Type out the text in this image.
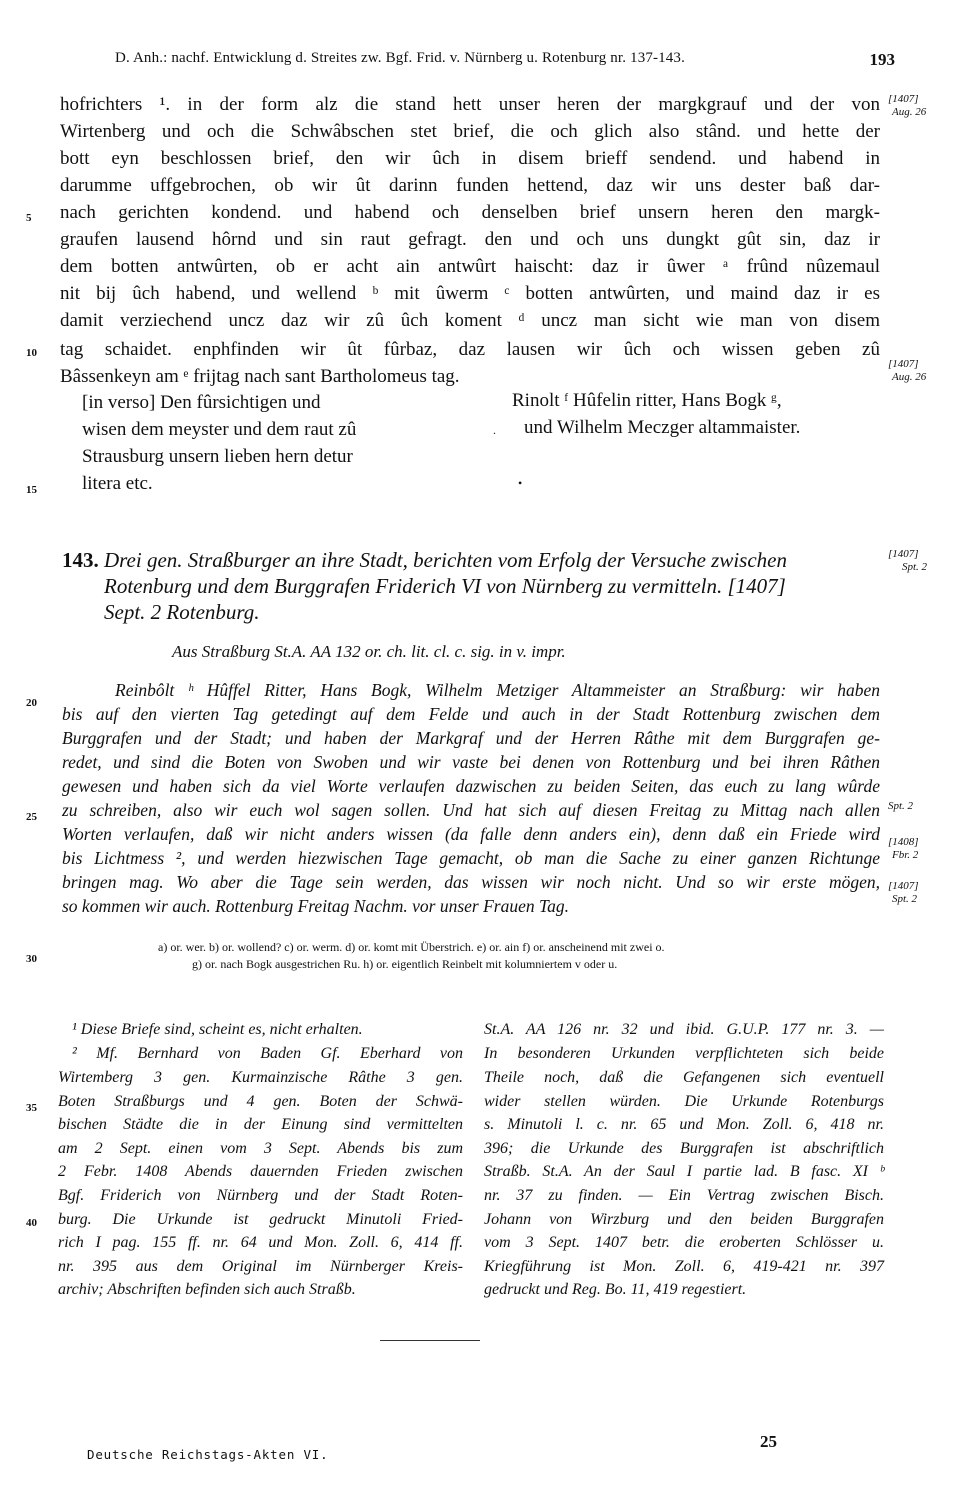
D. Anh.: nachf. Entwicklung d. Streites zw. Bgf. Frid. v. Nürnberg u. Rotenburg nr. 137-143.	193
hofrichters ¹. in der form alz die stand hett unser heren der margkgrauf und der von
Wirtenberg und och die Schwâbschen stet brief, die och glich also stând. und hette der
bott eyn beschlossen brief, den wir ûch in disem brieff sendend. und habend in
darumme uffgebrochen, ob wir ût darinn funden hettend, daz wir uns dester baß dar-
nach gerichten kondend. und habend och denselben brief unsern heren den margk-
graufen lausend hôrnd und sin raut gefragt. den und och uns dungkt gût sin, daz ir
dem botten antwûrten, ob er acht ain antwûrt haischt: daz ir ûwer ᵃ frûnd nûzemaul
nit bij ûch habend, und wellend ᵇ mit ûwerm ᶜ botten antwûrten, und maind daz ir es
damit verziechend uncz daz wir zû ûch koment ᵈ uncz man sicht wie man von disem
tag schaidet. enphfinden wir ût fûrbaz, daz lausen wir ûch och wissen geben zû
Bâssenkeyn am ᵉ frijtag nach sant Bartholomeus tag.
5
10
15
[1407]
Aug. 26
[1407]
Aug. 26
[in verso] Den fûrsichtigen und
wisen dem meyster und dem raut zû
Strausburg unsern lieben hern detur
litera etc.
Rinolt ᶠ Hûfelin ritter, Hans Bogk ᵍ,
und Wilhelm Meczger altammaister.
.
•
143. Drei gen. Straßburger an ihre Stadt, berichten vom Erfolg der Versuche zwischen
Rotenburg und dem Burggrafen Friderich VI von Nürnberg zu vermitteln. [1407]
Sept. 2 Rotenburg.
[1407]
Spt. 2
Aus Straßburg St.A. AA 132 or. ch. lit. cl. c. sig. in v. impr.
Reinbôlt ʰ Hûffel Ritter, Hans Bogk, Wilhelm Metziger Altammeister an Straßburg: wir haben
bis auf den vierten Tag getedingt auf dem Felde und auch in der Stadt Rottenburg zwischen dem
Burggrafen und der Stadt; und haben der Markgraf und der Herren Râthe mit dem Burggrafen ge-
redet, und sind die Boten von Swoben und wir vaste bei denen von Rottenburg und bei ihren Râthen
gewesen und haben sich da viel Worte verlaufen dazwischen zu beiden Seiten, das euch zu lang wûrde
zu schreiben, also wir euch wol sagen sollen. Und hat sich auf diesen Freitag zu Mittag nach allen
Worten verlaufen, daß wir nicht anders wissen (da falle denn anders ein), denn daß ein Friede wird
bis Lichtmess ², und werden hiezwischen Tage gemacht, ob man die Sache zu einer ganzen Richtunge
bringen mag. Wo aber die Tage sein werden, das wissen wir noch nicht. Und so wir erste mögen,
so kommen wir auch. Rottenburg Freitag Nachm. vor unser Frauen Tag.
20
25
30
Spt. 2
[1408]
Fbr. 2
[1407]
Spt. 2
a) or. wer. b) or. wollend? c) or. werm. d) or. komt mit Überstrich. e) or. ain f) or. anscheinend mit zwei o.
g) or. nach Bogk ausgestrichen Ru. h) or. eigentlich Reinbelt mit kolumniertem v oder u.
¹ Diese Briefe sind, scheint es, nicht erhalten.
² Mf. Bernhard von Baden Gf. Eberhard von
Wirtemberg 3 gen. Kurmainzische Râthe 3 gen.
Boten Straßburgs und 4 gen. Boten der Schwä-
bischen Städte die in der Einung sind vermittelten
am 2 Sept. einen vom 3 Sept. Abends bis zum
2 Febr. 1408 Abends dauernden Frieden zwischen
Bgf. Friderich von Nürnberg und der Stadt Roten-
burg. Die Urkunde ist gedruckt Minutoli Fried-
rich I pag. 155 ff. nr. 64 und Mon. Zoll. 6, 414 ff.
nr. 395 aus dem Original im Nürnberger Kreis-
archiv; Abschriften befinden sich auch Straßb.
St.A. AA 126 nr. 32 und ibid. G.U.P. 177 nr. 3. —
In besonderen Urkunden verpflichteten sich beide
Theile noch, daß die Gefangenen sich eventuell
wider stellen würden. Die Urkunde Rotenburgs
s. Minutoli l. c. nr. 65 und Mon. Zoll. 6, 418 nr.
396; die Urkunde des Burggrafen ist abschriftlich
Straßb. St.A. An der Saul I partie lad. B fasc. XI ᵇ
nr. 37 zu finden. — Ein Vertrag zwischen Bisch.
Johann von Wirzburg und den beiden Burggrafen
vom 3 Sept. 1407 betr. die eroberten Schlösser u.
Kriegführung ist Mon. Zoll. 6, 419-421 nr. 397
gedruckt und Reg. Bo. 11, 419 regestiert.
35
40
Deutsche Reichstags-Akten VI.
25
